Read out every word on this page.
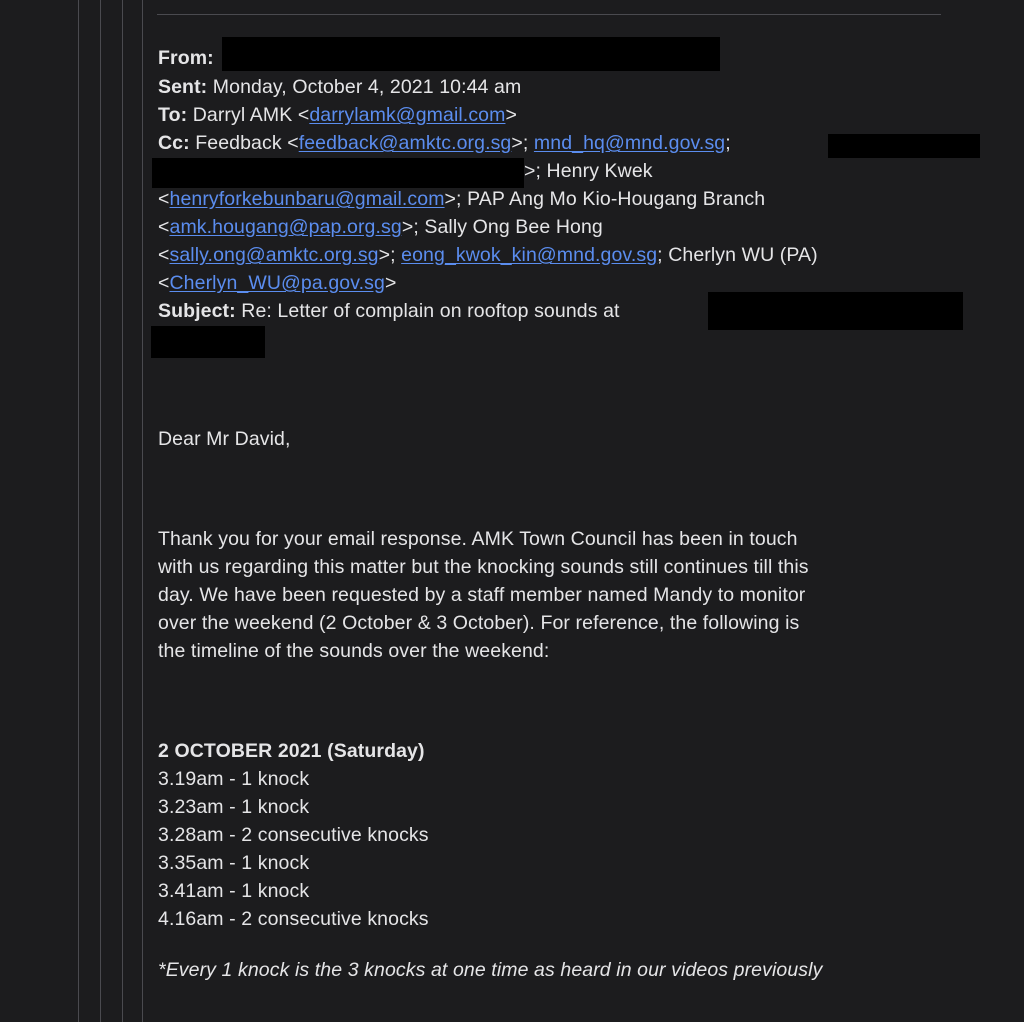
From:
Sent: Monday, October 4, 2021 10:44 am
To: Darryl AMK <darrylamk@gmail.com>
Cc: Feedback <feedback@amktc.org.sg>; mnd_hq@mnd.gov.sg;
>; Henry Kwek
<henryforkebunbaru@gmail.com>; PAP Ang Mo Kio-Hougang Branch
<amk.hougang@pap.org.sg>; Sally Ong Bee Hong
<sally.ong@amktc.org.sg>; eong_kwok_kin@mnd.gov.sg; Cherlyn WU (PA)
<Cherlyn_WU@pa.gov.sg>
Subject: Re: Letter of complain on rooftop sounds at
Dear Mr David,
Thank you for your email response. AMK Town Council has been in touch
with us regarding this matter but the knocking sounds still continues till this
day. We have been requested by a staff member named Mandy to monitor
over the weekend (2 October & 3 October). For reference, the following is
the timeline of the sounds over the weekend:
2 OCTOBER 2021 (Saturday)
3.19am - 1 knock
3.23am - 1 knock
3.28am - 2 consecutive knocks
3.35am - 1 knock
3.41am - 1 knock
4.16am - 2 consecutive knocks
*Every 1 knock is the 3 knocks at one time as heard in our videos previously
